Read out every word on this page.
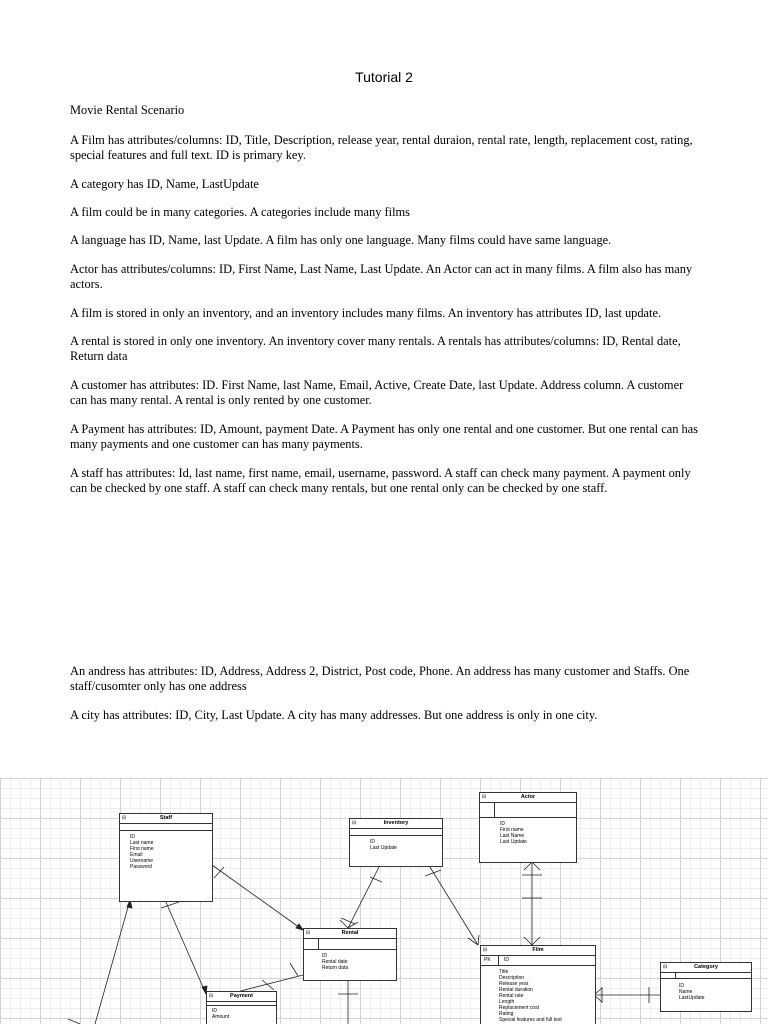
Tutorial 2

Movie Rental Scenario

A Film has attributes/columns: ID, Title, Description, release year, rental duraion, rental rate, length, replacement cost, rating, special features and full text. ID is primary key.

A category has ID, Name, LastUpdate

A film could be in many categories. A categories include many films

A language has ID, Name, last Update. A film has only one language. Many films could have same language.

Actor has attributes/columns: ID, First Name, Last Name, Last Update. An Actor can act in many films. A film also has many actors.

A film is stored in only an inventory, and an inventory includes many films. An inventory has attributes ID, last update.

A rental is stored in only one inventory. An inventory cover many rentals. A rentals has attributes/columns: ID, Rental date, Return data

A customer has attributes: ID. First Name, last Name, Email, Active, Create Date, last Update. Address column. A customer can has many rental. A rental is only rented by one customer.

A Payment has attributes: ID, Amount, payment Date. A Payment has only one rental and one customer. But one rental can has many payments and one customer can has many payments.

A staff has attributes: Id, last name, first name, email, username, password. A staff can check many payment. A payment only can be checked by one staff. A staff can check many rentals, but one rental only can be checked by one staff.

An andress has attributes: ID, Address, Address 2, District, Post code, Phone. An address has many customer and Staffs. One staff/cusomter only has one address

A city has attributes: ID, City, Last Update. A city has many addresses. But one address is only in one city.

⊟	Staff
ID
Last name
First name
Email
Username
Password
⊟	Inventory
ID
Last Update
⊟	Actor
ID
First name
Last Name
Last Update
⊟	Rental
ID
Rental date
Return data
⊟	Film
PK	ID
Title
Description
Release year
Rental duration
Rental rate
Length
Replacement cost
Rating
Special features and full text
⊟	Payment
ID
Amount
⊟	Category
ID
Name
LastUpdate
